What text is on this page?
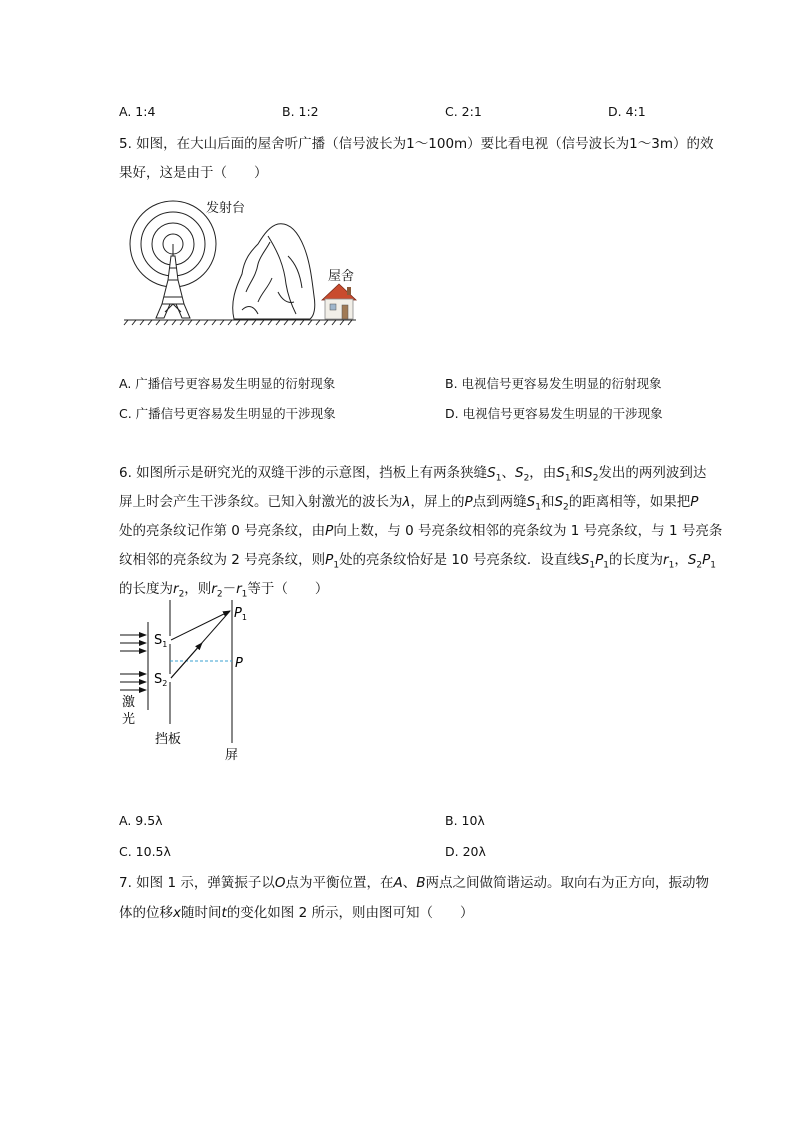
A. 1:4	B. 1:2	C. 2:1	D. 4:1
5. 如图，在大山后面的屋舍听广播（信号波长为1～100m）要比看电视（信号波长为1～3m）的效
果好，这是由于（　　）
发射台
屋舍
A. 广播信号更容易发生明显的衍射现象	B. 电视信号更容易发生明显的衍射现象
C. 广播信号更容易发生明显的干涉现象	D. 电视信号更容易发生明显的干涉现象
6. 如图所示是研究光的双缝干涉的示意图，挡板上有两条狭缝$S_1$、$S_2$，由$S_1$和$S_2$发出的两列波到达
屏上时会产生干涉条纹。已知入射激光的波长为λ，屏上的P点到两缝$S_1$和$S_2$的距离相等，如果把P
处的亮条纹记作第 0 号亮条纹，由P向上数，与 0 号亮条纹相邻的亮条纹为 1 号亮条纹，与 1 号亮条
纹相邻的亮条纹为 2 号亮条纹，则$P_1$处的亮条纹恰好是 10 号亮条纹．设直线$S_1P_1$的长度为$r_1$，$S_2P_1$
的长度为$r_2$，则$r_2-r_1$等于（　　）
$S_1$
$S_2$
$P_1$
P
激
光
挡板
屏
A. 9.5λ	B. 10λ
C. 10.5λ	D. 20λ
7. 如图 1 示，弹簧振子以O点为平衡位置，在A、B两点之间做简谐运动。取向右为正方向，振动物
体的位移x随时间t的变化如图 2 所示，则由图可知（　　）
